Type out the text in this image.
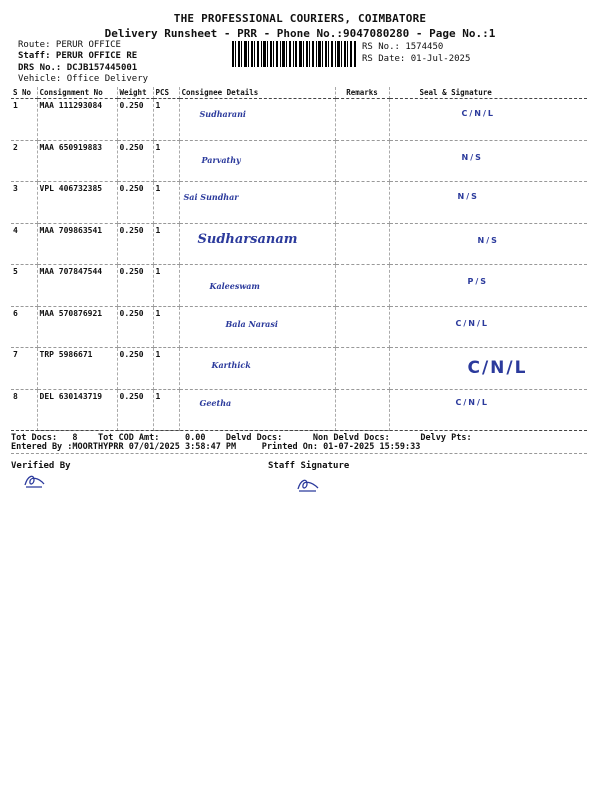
THE PROFESSIONAL COURIERS, COIMBATORE
Delivery Runsheet - PRR - Phone No.:9047080280 - Page No.:1
Route: PERUR OFFICE
Staff: PERUR OFFICE RE
DRS No.: DCJB157445001
Vehicle: Office Delivery
RS No.: 1574450
RS Date: 01-Jul-2025
S No	Consignment No	Weight	PCS	Consignee Details	Remarks	Seal & Signature
1	MAA 111293084	0.250	1	Sudharani		C/N/L
2	MAA 650919883	0.250	1	Parvathy		N/S
3	VPL 406732385	0.250	1	Sai Sundhar		N/S
4	MAA 709863541	0.250	1	Sudharsanam		N/S
5	MAA 707847544	0.250	1	Kaleeswam		P/S
6	MAA 570876921	0.250	1	Bala Narasi		C/N/L
7	TRP 5986671	0.250	1	Karthick		C/N/L
8	DEL 630143719	0.250	1	Geetha		C/N/L
Tot Docs:   8    Tot COD Amt:     0.00    Delvd Docs:      Non Delvd Docs:      Delvy Pts:
Entered By :MOORTHYPRR 07/01/2025 3:58:47 PM     Printed On: 01-07-2025 15:59:33
Verified By	Staff Signature
